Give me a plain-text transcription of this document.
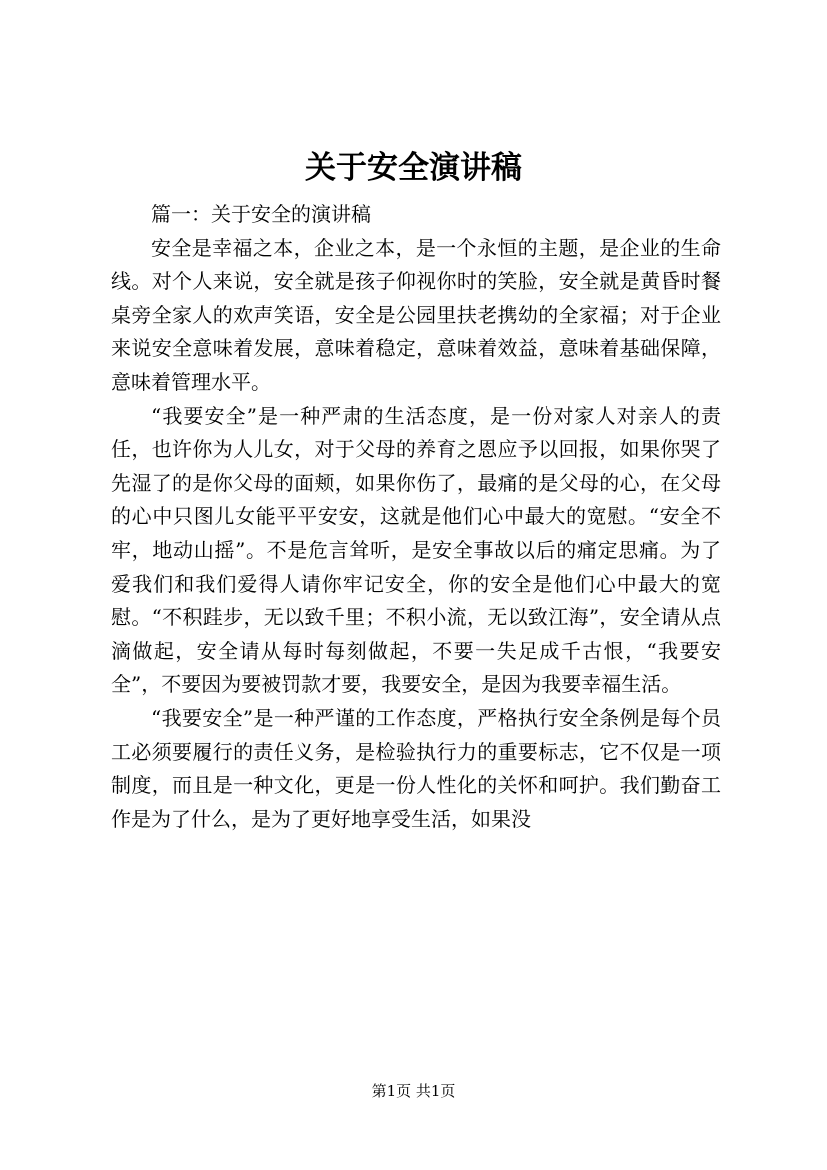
关于安全演讲稿

篇一：关于安全的演讲稿

安全是幸福之本，企业之本，是一个永恒的主题，是企业的生命线。对个人来说，安全就是孩子仰视你时的笑脸，安全就是黄昏时餐桌旁全家人的欢声笑语，安全是公园里扶老携幼的全家福；对于企业来说安全意味着发展，意味着稳定，意味着效益，意味着基础保障，意味着管理水平。

“我要安全”是一种严肃的生活态度，是一份对家人对亲人的责任，也许你为人儿女，对于父母的养育之恩应予以回报，如果你哭了先湿了的是你父母的面颊，如果你伤了，最痛的是父母的心，在父母的心中只图儿女能平平安安，这就是他们心中最大的宽慰。“安全不牢，地动山摇”。不是危言耸听，是安全事故以后的痛定思痛。为了爱我们和我们爱得人请你牢记安全，你的安全是他们心中最大的宽慰。“不积跬步，无以致千里；不积小流，无以致江海”，安全请从点滴做起，安全请从每时每刻做起，不要一失足成千古恨，“我要安全”，不要因为要被罚款才要，我要安全，是因为我要幸福生活。

“我要安全”是一种严谨的工作态度，严格执行安全条例是每个员工必须要履行的责任义务，是检验执行力的重要标志，它不仅是一项制度，而且是一种文化，更是一份人性化的关怀和呵护。我们勤奋工作是为了什么，是为了更好地享受生活，如果没

第1页 共1页
